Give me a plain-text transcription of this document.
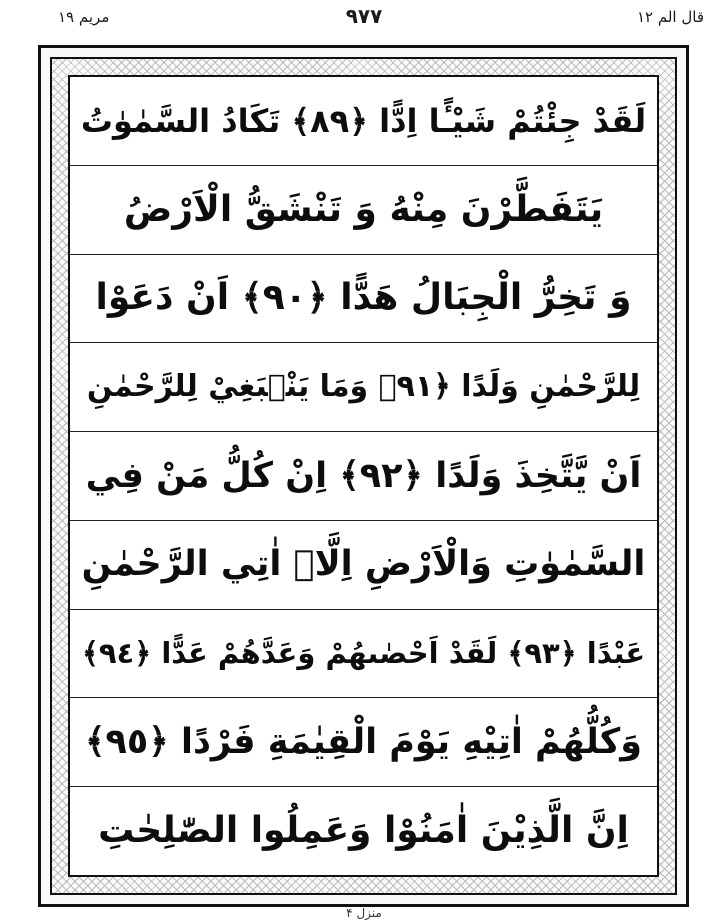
مریم ۱۹	۹۷۷	قال الم ۱۲
لَقَدْ جِئْتُمْ شَيْـًٔا اِدًّا ﴿٨٩﴾ تَكَادُ السَّمٰوٰتُ
يَتَفَطَّرْنَ مِنْهُ وَ تَنْشَقُّ الْاَرْضُ
وَ تَخِرُّ الْجِبَالُ هَدًّا ﴿٩٠﴾ اَنْ دَعَوْا
لِلرَّحْمٰنِ وَلَدًا ﴿٩١﴾ وَمَا يَنْۢبَغِيْ لِلرَّحْمٰنِ
اَنْ يَّتَّخِذَ وَلَدًا ﴿٩٢﴾ اِنْ كُلُّ مَنْ فِي
السَّمٰوٰتِ وَالْاَرْضِ اِلَّاۤ اٰتِي الرَّحْمٰنِ
عَبْدًا ﴿٩٣﴾ لَقَدْ اَحْصٰىهُمْ وَعَدَّهُمْ عَدًّا ﴿٩٤﴾
وَكُلُّهُمْ اٰتِيْهِ يَوْمَ الْقِيٰمَةِ فَرْدًا ﴿٩٥﴾
اِنَّ الَّذِيْنَ اٰمَنُوْا وَعَمِلُوا الصّٰلِحٰتِ
منزل ۴
